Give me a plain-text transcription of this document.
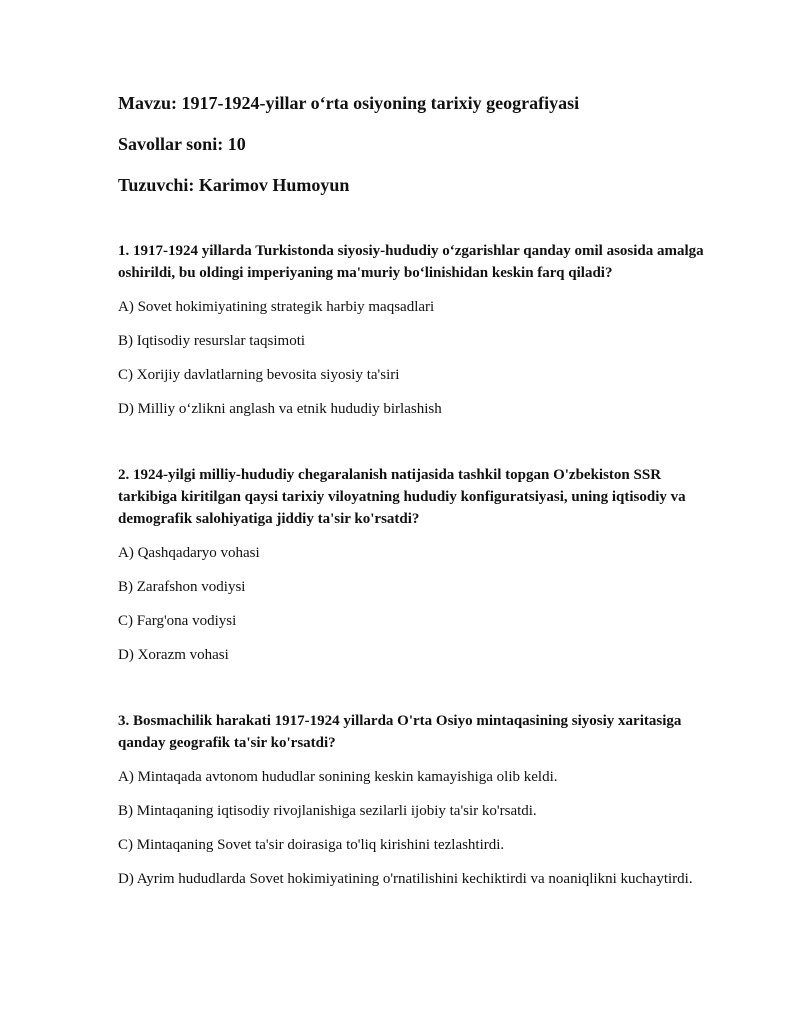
Mavzu: 1917-1924-yillar o‘rta osiyoning tarixiy geografiyasi

Savollar soni: 10

Tuzuvchi: Karimov Humoyun

1. 1917-1924 yillarda Turkistonda siyosiy-hududiy o‘zgarishlar qanday omil asosida amalga oshirildi, bu oldingi imperiyaning ma'muriy bo‘linishidan keskin farq qiladi?

A) Sovet hokimiyatining strategik harbiy maqsadlari

B) Iqtisodiy resurslar taqsimoti

C) Xorijiy davlatlarning bevosita siyosiy ta'siri

D) Milliy o‘zlikni anglash va etnik hududiy birlashish

2. 1924-yilgi milliy-hududiy chegaralanish natijasida tashkil topgan O'zbekiston SSR tarkibiga kiritilgan qaysi tarixiy viloyatning hududiy konfiguratsiyasi, uning iqtisodiy va demografik salohiyatiga jiddiy ta'sir ko'rsatdi?

A) Qashqadaryo vohasi

B) Zarafshon vodiysi

C) Farg'ona vodiysi

D) Xorazm vohasi

3. Bosmachilik harakati 1917-1924 yillarda O'rta Osiyo mintaqasining siyosiy xaritasiga qanday geografik ta'sir ko'rsatdi?

A) Mintaqada avtonom hududlar sonining keskin kamayishiga olib keldi.

B) Mintaqaning iqtisodiy rivojlanishiga sezilarli ijobiy ta'sir ko'rsatdi.

C) Mintaqaning Sovet ta'sir doirasiga to'liq kirishini tezlashtirdi.

D) Ayrim hududlarda Sovet hokimiyatining o'rnatilishini kechiktirdi va noaniqlikni kuchaytirdi.
